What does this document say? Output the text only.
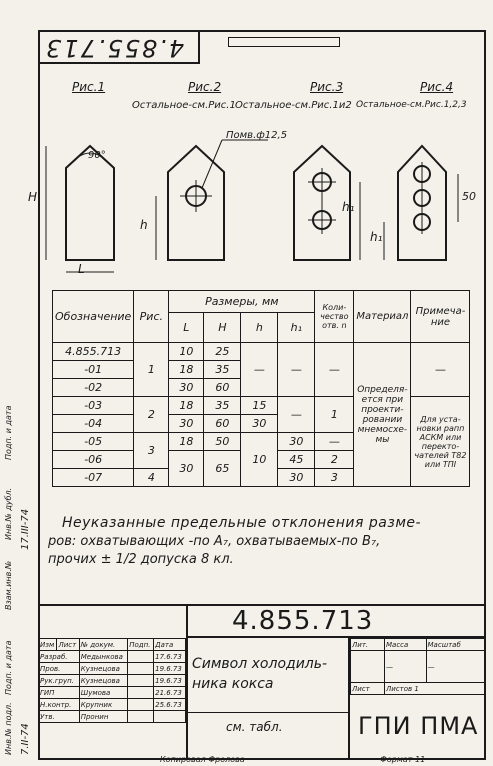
4.855.713
Рис.1	Рис.2	Рис.3	Рис.4
Остальное-см.Рис.1 Остальное-см.Рис.1и2 Остальное-см.Рис.1,2,3
90°
H
L
h
Помв.ф12,5
h₁
h₁
50
Обозначение	Рис.	Размеры, мм				Коли-чество отв. n	Материал	Примеча-ние
		L	H	h	h₁			
4.855.713	1	10	25	—	—	—	Определя-ется при проекти-ровании мнемосхе-мы	—
-01		18	35					
-02		30	60					
-03	2	18	35	15	—	1		Для уста-новки рапп АСКМ или перекто-чателей Т82 или ТПI
-04		30	60	30				
-05	3	18	50	10	30	—		
-06		30	65		45	2		
-07	4				30	3		
Неуказанные предельные отклонения разме-
ров: охватывающих -по A₇, охватываемых-по B₇,
прочих ± 1/2 допуска 8 кл.
Инв.№ подл.
Подп. и дата
Взам.инв.№
Инв.№ дубл.
Подп. и дата
7.II-74
17.III-74
4.855.713
Изм	Лист	№ докум.	Подп.	Дата
Разраб.		Медынкова		17.6.73
Пров.		Кузнецова		19.6.73
Рук.груп.		Кузнецова		19.6.73
ГИП		Шумова		21.6.73
Н.контр.		Крупник		25.6.73
Утв.		Пронин		
Символ холодиль-
ника кокса
см. табл.
Лит.	Масса	Масштаб
	—	—
Лист	Листов 1	
ГПИ ПМА
Копировал Фролова	Формат 11
